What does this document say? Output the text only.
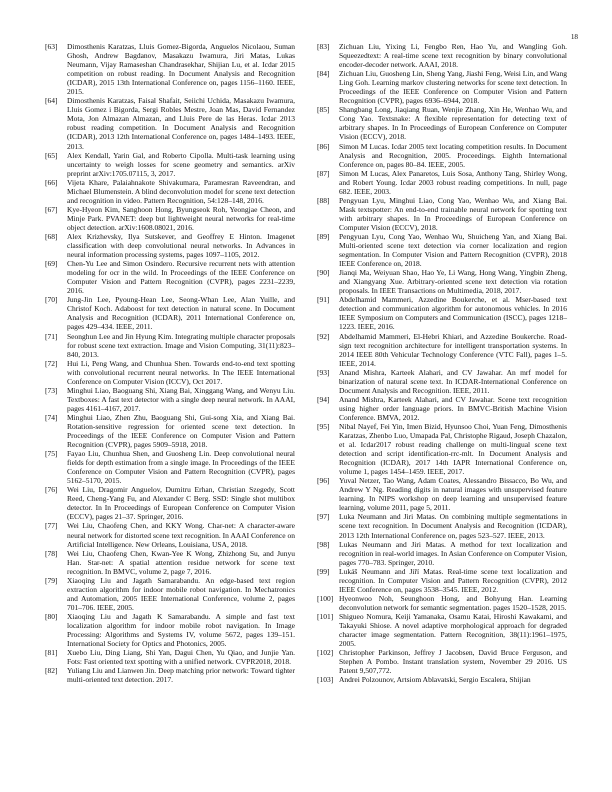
18
[63] Dimosthenis Karatzas, Lluis Gomez-Bigorda, Anguelos Nicolaou, Suman Ghosh, Andrew Bagdanov, Masakazu Iwamura, Jiri Matas, Lukas Neumann, Vijay Ramaseshan Chandrasekhar, Shijian Lu, et al. Icdar 2015 competition on robust reading. In Document Analysis and Recognition (ICDAR), 2015 13th International Conference on, pages 1156–1160. IEEE, 2015.
[64] Dimosthenis Karatzas, Faisal Shafait, Seiichi Uchida, Masakazu Iwamura, Lluis Gomez i Bigorda, Sergi Robles Mestre, Joan Mas, David Fernandez Mota, Jon Almazan Almazan, and Lluis Pere de las Heras. Icdar 2013 robust reading competition. In Document Analysis and Recognition (ICDAR), 2013 12th International Conference on, pages 1484–1493. IEEE, 2013.
[65] Alex Kendall, Yarin Gal, and Roberto Cipolla. Multi-task learning using uncertainty to weigh losses for scene geometry and semantics. arXiv preprint arXiv:1705.07115, 3, 2017.
[66] Vijeta Khare, Palaiahnakote Shivakumara, Paramesran Raveendran, and Michael Blumenstein. A blind deconvolution model for scene text detection and recognition in video. Pattern Recognition, 54:128–148, 2016.
[67] Kye-Hyeon Kim, Sanghoon Hong, Byungseok Roh, Yeongjae Cheon, and Minje Park. PVANET: deep but lightweight neural networks for real-time object detection. arXiv:1608.08021, 2016.
[68] Alex Krizhevsky, Ilya Sutskever, and Geoffrey E Hinton. Imagenet classification with deep convolutional neural networks. In Advances in neural information processing systems, pages 1097–1105, 2012.
[69] Chen-Yu Lee and Simon Osindero. Recursive recurrent nets with attention modeling for ocr in the wild. In Proceedings of the IEEE Conference on Computer Vision and Pattern Recognition (CVPR), pages 2231–2239, 2016.
[70] Jung-Jin Lee, Pyoung-Hean Lee, Seong-Whan Lee, Alan Yuille, and Christof Koch. Adaboost for text detection in natural scene. In Document Analysis and Recognition (ICDAR), 2011 International Conference on, pages 429–434. IEEE, 2011.
[71] Seonghun Lee and Jin Hyung Kim. Integrating multiple character proposals for robust scene text extraction. Image and Vision Computing, 31(11):823–840, 2013.
[72] Hui Li, Peng Wang, and Chunhua Shen. Towards end-to-end text spotting with convolutional recurrent neural networks. In The IEEE International Conference on Computer Vision (ICCV), Oct 2017.
[73] Minghui Liao, Baoguang Shi, Xiang Bai, Xinggang Wang, and Wenyu Liu. Textboxes: A fast text detector with a single deep neural network. In AAAI, pages 4161–4167, 2017.
[74] Minghui Liao, Zhen Zhu, Baoguang Shi, Gui-song Xia, and Xiang Bai. Rotation-sensitive regression for oriented scene text detection. In Proceedings of the IEEE Conference on Computer Vision and Pattern Recognition (CVPR), pages 5909–5918, 2018.
[75] Fayao Liu, Chunhua Shen, and Guosheng Lin. Deep convolutional neural fields for depth estimation from a single image. In Proceedings of the IEEE Conference on Computer Vision and Pattern Recognition (CVPR), pages 5162–5170, 2015.
[76] Wei Liu, Dragomir Anguelov, Dumitru Erhan, Christian Szegedy, Scott Reed, Cheng-Yang Fu, and Alexander C Berg. SSD: Single shot multibox detector. In In Proceedings of European Conference on Computer Vision (ECCV), pages 21–37. Springer, 2016.
[77] Wei Liu, Chaofeng Chen, and KKY Wong. Char-net: A character-aware neural network for distorted scene text recognition. In AAAI Conference on Artificial Intelligence. New Orleans, Louisiana, USA, 2018.
[78] Wei Liu, Chaofeng Chen, Kwan-Yee K Wong, Zhizhong Su, and Junyu Han. Star-net: A spatial attention residue network for scene text recognition. In BMVC, volume 2, page 7, 2016.
[79] Xiaoqing Liu and Jagath Samarabandu. An edge-based text region extraction algorithm for indoor mobile robot navigation. In Mechatronics and Automation, 2005 IEEE International Conference, volume 2, pages 701–706. IEEE, 2005.
[80] Xiaoqing Liu and Jagath K Samarabandu. A simple and fast text localization algorithm for indoor mobile robot navigation. In Image Processing: Algorithms and Systems IV, volume 5672, pages 139–151. International Society for Optics and Photonics, 2005.
[81] Xuebo Liu, Ding Liang, Shi Yan, Dagui Chen, Yu Qiao, and Junjie Yan. Fots: Fast oriented text spotting with a unified network. CVPR2018, 2018.
[82] Yuliang Liu and Lianwen Jin. Deep matching prior network: Toward tighter multi-oriented text detection. 2017.
[83] Zichuan Liu, Yixing Li, Fengbo Ren, Hao Yu, and Wangling Goh. Squeezedtext: A real-time scene text recognition by binary convolutional encoder-decoder network. AAAI, 2018.
[84] Zichuan Liu, Guosheng Lin, Sheng Yang, Jiashi Feng, Weisi Lin, and Wang Ling Goh. Learning markov clustering networks for scene text detection. In Proceedings of the IEEE Conference on Computer Vision and Pattern Recognition (CVPR), pages 6936–6944, 2018.
[85] Shangbang Long, Jiaqiang Ruan, Wenjie Zhang, Xin He, Wenhao Wu, and Cong Yao. Textsnake: A flexible representation for detecting text of arbitrary shapes. In In Proceedings of European Conference on Computer Vision (ECCV), 2018.
[86] Simon M Lucas. Icdar 2005 text locating competition results. In Document Analysis and Recognition, 2005. Proceedings. Eighth International Conference on, pages 80–84. IEEE, 2005.
[87] Simon M Lucas, Alex Panaretos, Luis Sosa, Anthony Tang, Shirley Wong, and Robert Young. Icdar 2003 robust reading competitions. In null, page 682. IEEE, 2003.
[88] Pengyuan Lyu, Minghui Liao, Cong Yao, Wenhao Wu, and Xiang Bai. Mask textspotter: An end-to-end trainable neural network for spotting text with arbitrary shapes. In In Proceedings of European Conference on Computer Vision (ECCV), 2018.
[89] Pengyuan Lyu, Cong Yao, Wenhao Wu, Shuicheng Yan, and Xiang Bai. Multi-oriented scene text detection via corner localization and region segmentation. In Computer Vision and Pattern Recognition (CVPR), 2018 IEEE Conference on, 2018.
[90] Jianqi Ma, Weiyuan Shao, Hao Ye, Li Wang, Hong Wang, Yingbin Zheng, and Xiangyang Xue. Arbitrary-oriented scene text detection via rotation proposals. In IEEE Transactions on Multimedia, 2018, 2017.
[91] Abdelhamid Mammeri, Azzedine Boukerche, et al. Mser-based text detection and communication algorithm for autonomous vehicles. In 2016 IEEE Symposium on Computers and Communication (ISCC), pages 1218–1223. IEEE, 2016.
[92] Abdelhamid Mammeri, El-Hebri Khiari, and Azzedine Boukerche. Road-sign text recognition architecture for intelligent transportation systems. In 2014 IEEE 80th Vehicular Technology Conference (VTC Fall), pages 1–5. IEEE, 2014.
[93] Anand Mishra, Karteek Alahari, and CV Jawahar. An mrf model for binarization of natural scene text. In ICDAR-International Conference on Document Analysis and Recognition. IEEE, 2011.
[94] Anand Mishra, Karteek Alahari, and CV Jawahar. Scene text recognition using higher order language priors. In BMVC-British Machine Vision Conference. BMVA, 2012.
[95] Nibal Nayef, Fei Yin, Imen Bizid, Hyunsoo Choi, Yuan Feng, Dimosthenis Karatzas, Zhenbo Luo, Umapada Pal, Christophe Rigaud, Joseph Chazalon, et al. Icdar2017 robust reading challenge on multi-lingual scene text detection and script identification-rrc-mlt. In Document Analysis and Recognition (ICDAR), 2017 14th IAPR International Conference on, volume 1, pages 1454–1459. IEEE, 2017.
[96] Yuval Netzer, Tao Wang, Adam Coates, Alessandro Bissacco, Bo Wu, and Andrew Y Ng. Reading digits in natural images with unsupervised feature learning. In NIPS workshop on deep learning and unsupervised feature learning, volume 2011, page 5, 2011.
[97] Luka Neumann and Jiri Matas. On combining multiple segmentations in scene text recognition. In Document Analysis and Recognition (ICDAR), 2013 12th International Conference on, pages 523–527. IEEE, 2013.
[98] Lukas Neumann and Jiri Matas. A method for text localization and recognition in real-world images. In Asian Conference on Computer Vision, pages 770–783. Springer, 2010.
[99] Lukáš Neumann and Jiří Matas. Real-time scene text localization and recognition. In Computer Vision and Pattern Recognition (CVPR), 2012 IEEE Conference on, pages 3538–3545. IEEE, 2012.
[100] Hyeonwoo Noh, Seunghoon Hong, and Bohyung Han. Learning deconvolution network for semantic segmentation. pages 1520–1528, 2015.
[101] Shigueo Nomura, Keiji Yamanaka, Osamu Katai, Hiroshi Kawakami, and Takayuki Shiose. A novel adaptive morphological approach for degraded character image segmentation. Pattern Recognition, 38(11):1961–1975, 2005.
[102] Christopher Parkinson, Jeffrey J Jacobsen, David Bruce Ferguson, and Stephen A Pombo. Instant translation system, November 29 2016. US Patent 9,507,772.
[103] Andrei Polzounov, Artsiom Ablavatski, Sergio Escalera, Shijian
